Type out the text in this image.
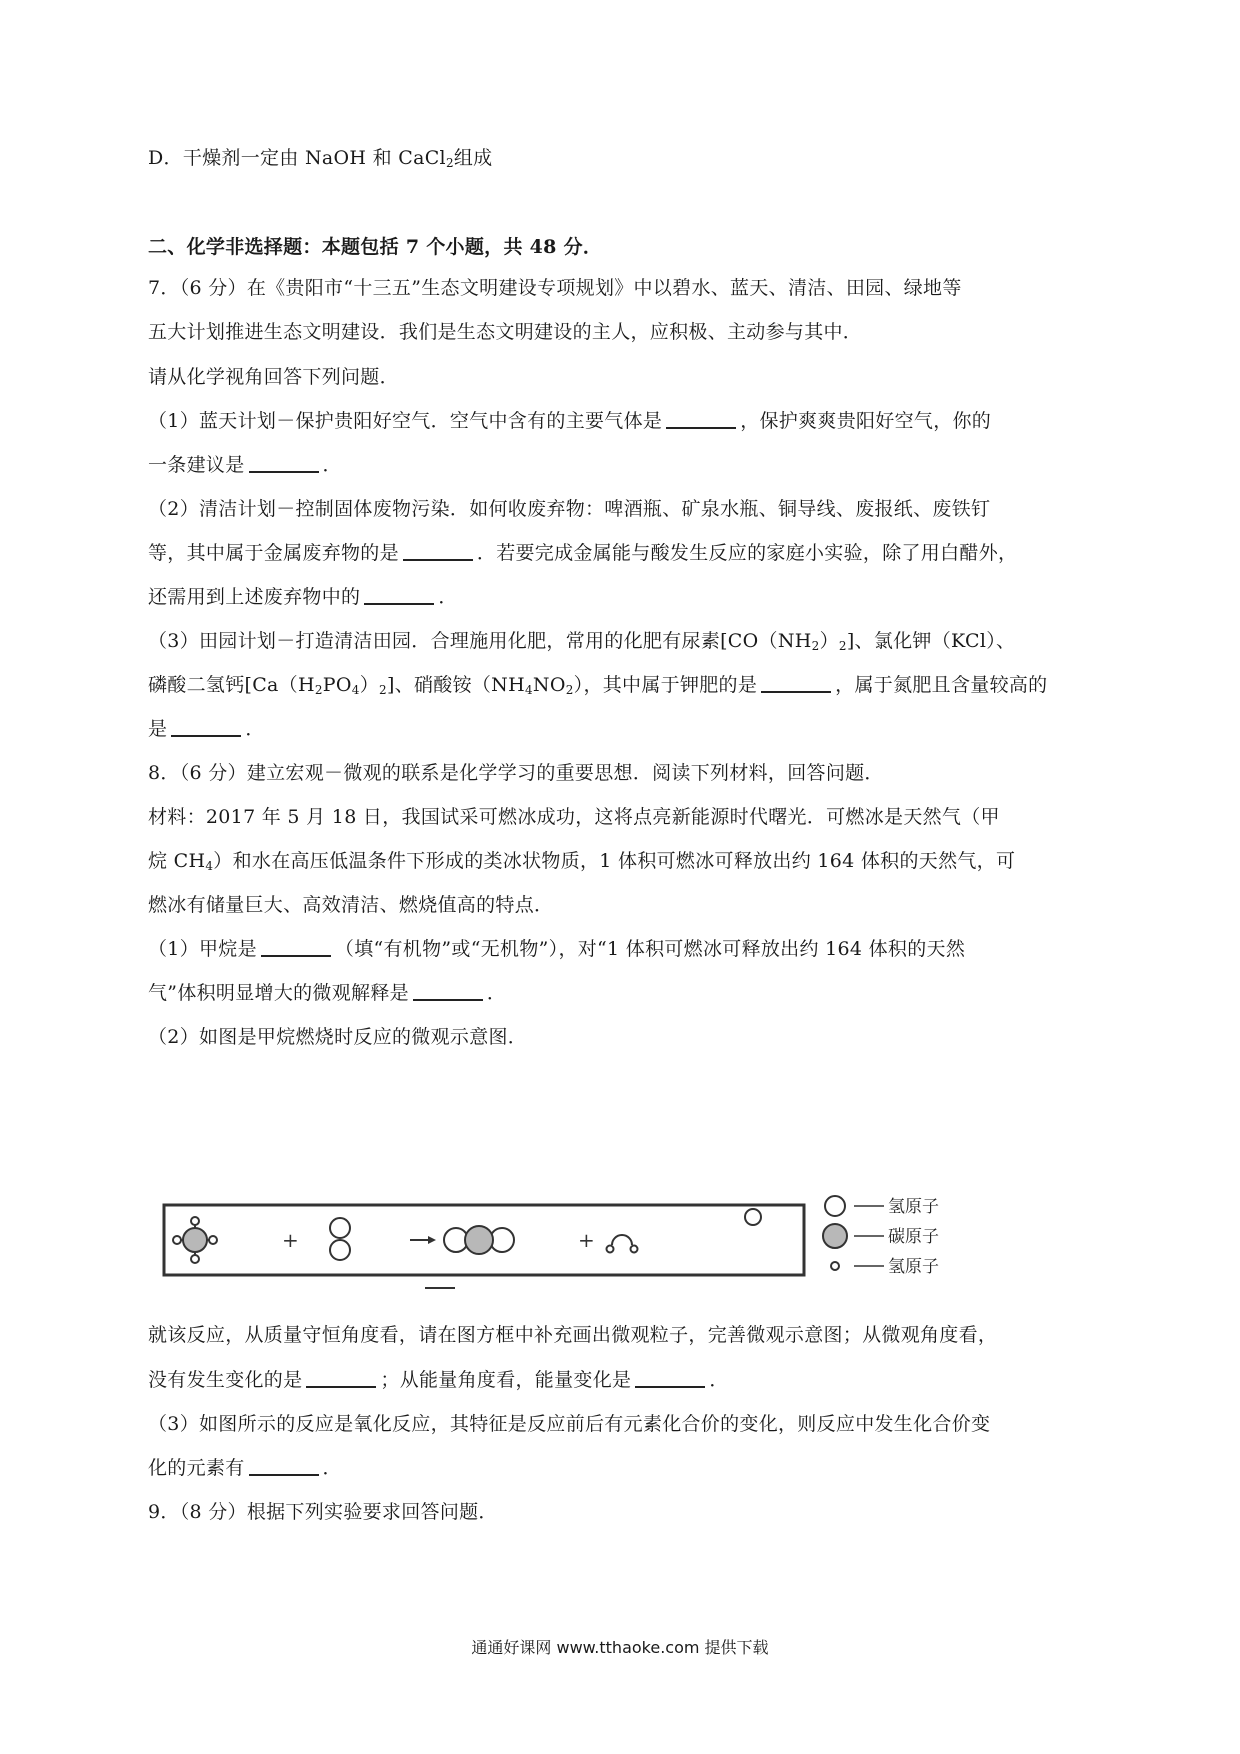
D．干燥剂一定由 NaOH 和 CaCl$_2$组成
二、化学非选择题：本题包括 7 个小题，共 48 分．
7．（6 分）在《贵阳市“十三五”生态文明建设专项规划》中以碧水、蓝天、清洁、田园、绿地等
五大计划推进生态文明建设．我们是生态文明建设的主人，应积极、主动参与其中．
请从化学视角回答下列问题．
（1）蓝天计划－保护贵阳好空气．空气中含有的主要气体是	，保护爽爽贵阳好空气，你的
一条建议是	．
（2）清洁计划－控制固体废物污染．如何收废弃物：啤酒瓶、矿泉水瓶、铜导线、废报纸、废铁钉
等，其中属于金属废弃物的是	．若要完成金属能与酸发生反应的家庭小实验，除了用白醋外，
还需用到上述废弃物中的	．
（3）田园计划－打造清洁田园．合理施用化肥，常用的化肥有尿素$[CO(NH_2)_2]$、氯化钾（KCl）、
磷酸二氢钙$[Ca(H_2PO_4)_2]$、硝酸铵$(NH_4NO_2)$，其中属于钾肥的是	，属于氮肥且含量较高的
是	．
8．（6 分）建立宏观－微观的联系是化学学习的重要思想．阅读下列材料，回答问题．
材料：2017 年 5 月 18 日，我国试采可燃冰成功，这将点亮新能源时代曙光．可燃冰是天然气（甲
烷 $CH_4$）和水在高压低温条件下形成的类冰状物质，1 体积可燃冰可释放出约 164 体积的天然气，可
燃冰有储量巨大、高效清洁、燃烧值高的特点．
（1）甲烷是	（填“有机物”或“无机物”），对“1 体积可燃冰可释放出约 164 体积的天然
气”体积明显增大的微观解释是	．
（2）如图是甲烷燃烧时反应的微观示意图．
+	+
氢原子
碳原子
氢原子
就该反应，从质量守恒角度看，请在图方框中补充画出微观粒子，完善微观示意图；从微观角度看，
没有发生变化的是	；从能量角度看，能量变化是	．
（3）如图所示的反应是氧化反应，其特征是反应前后有元素化合价的变化，则反应中发生化合价变
化的元素有	．
9．（8 分）根据下列实验要求回答问题．
通通好课网 www.tthaoke.com 提供下载
